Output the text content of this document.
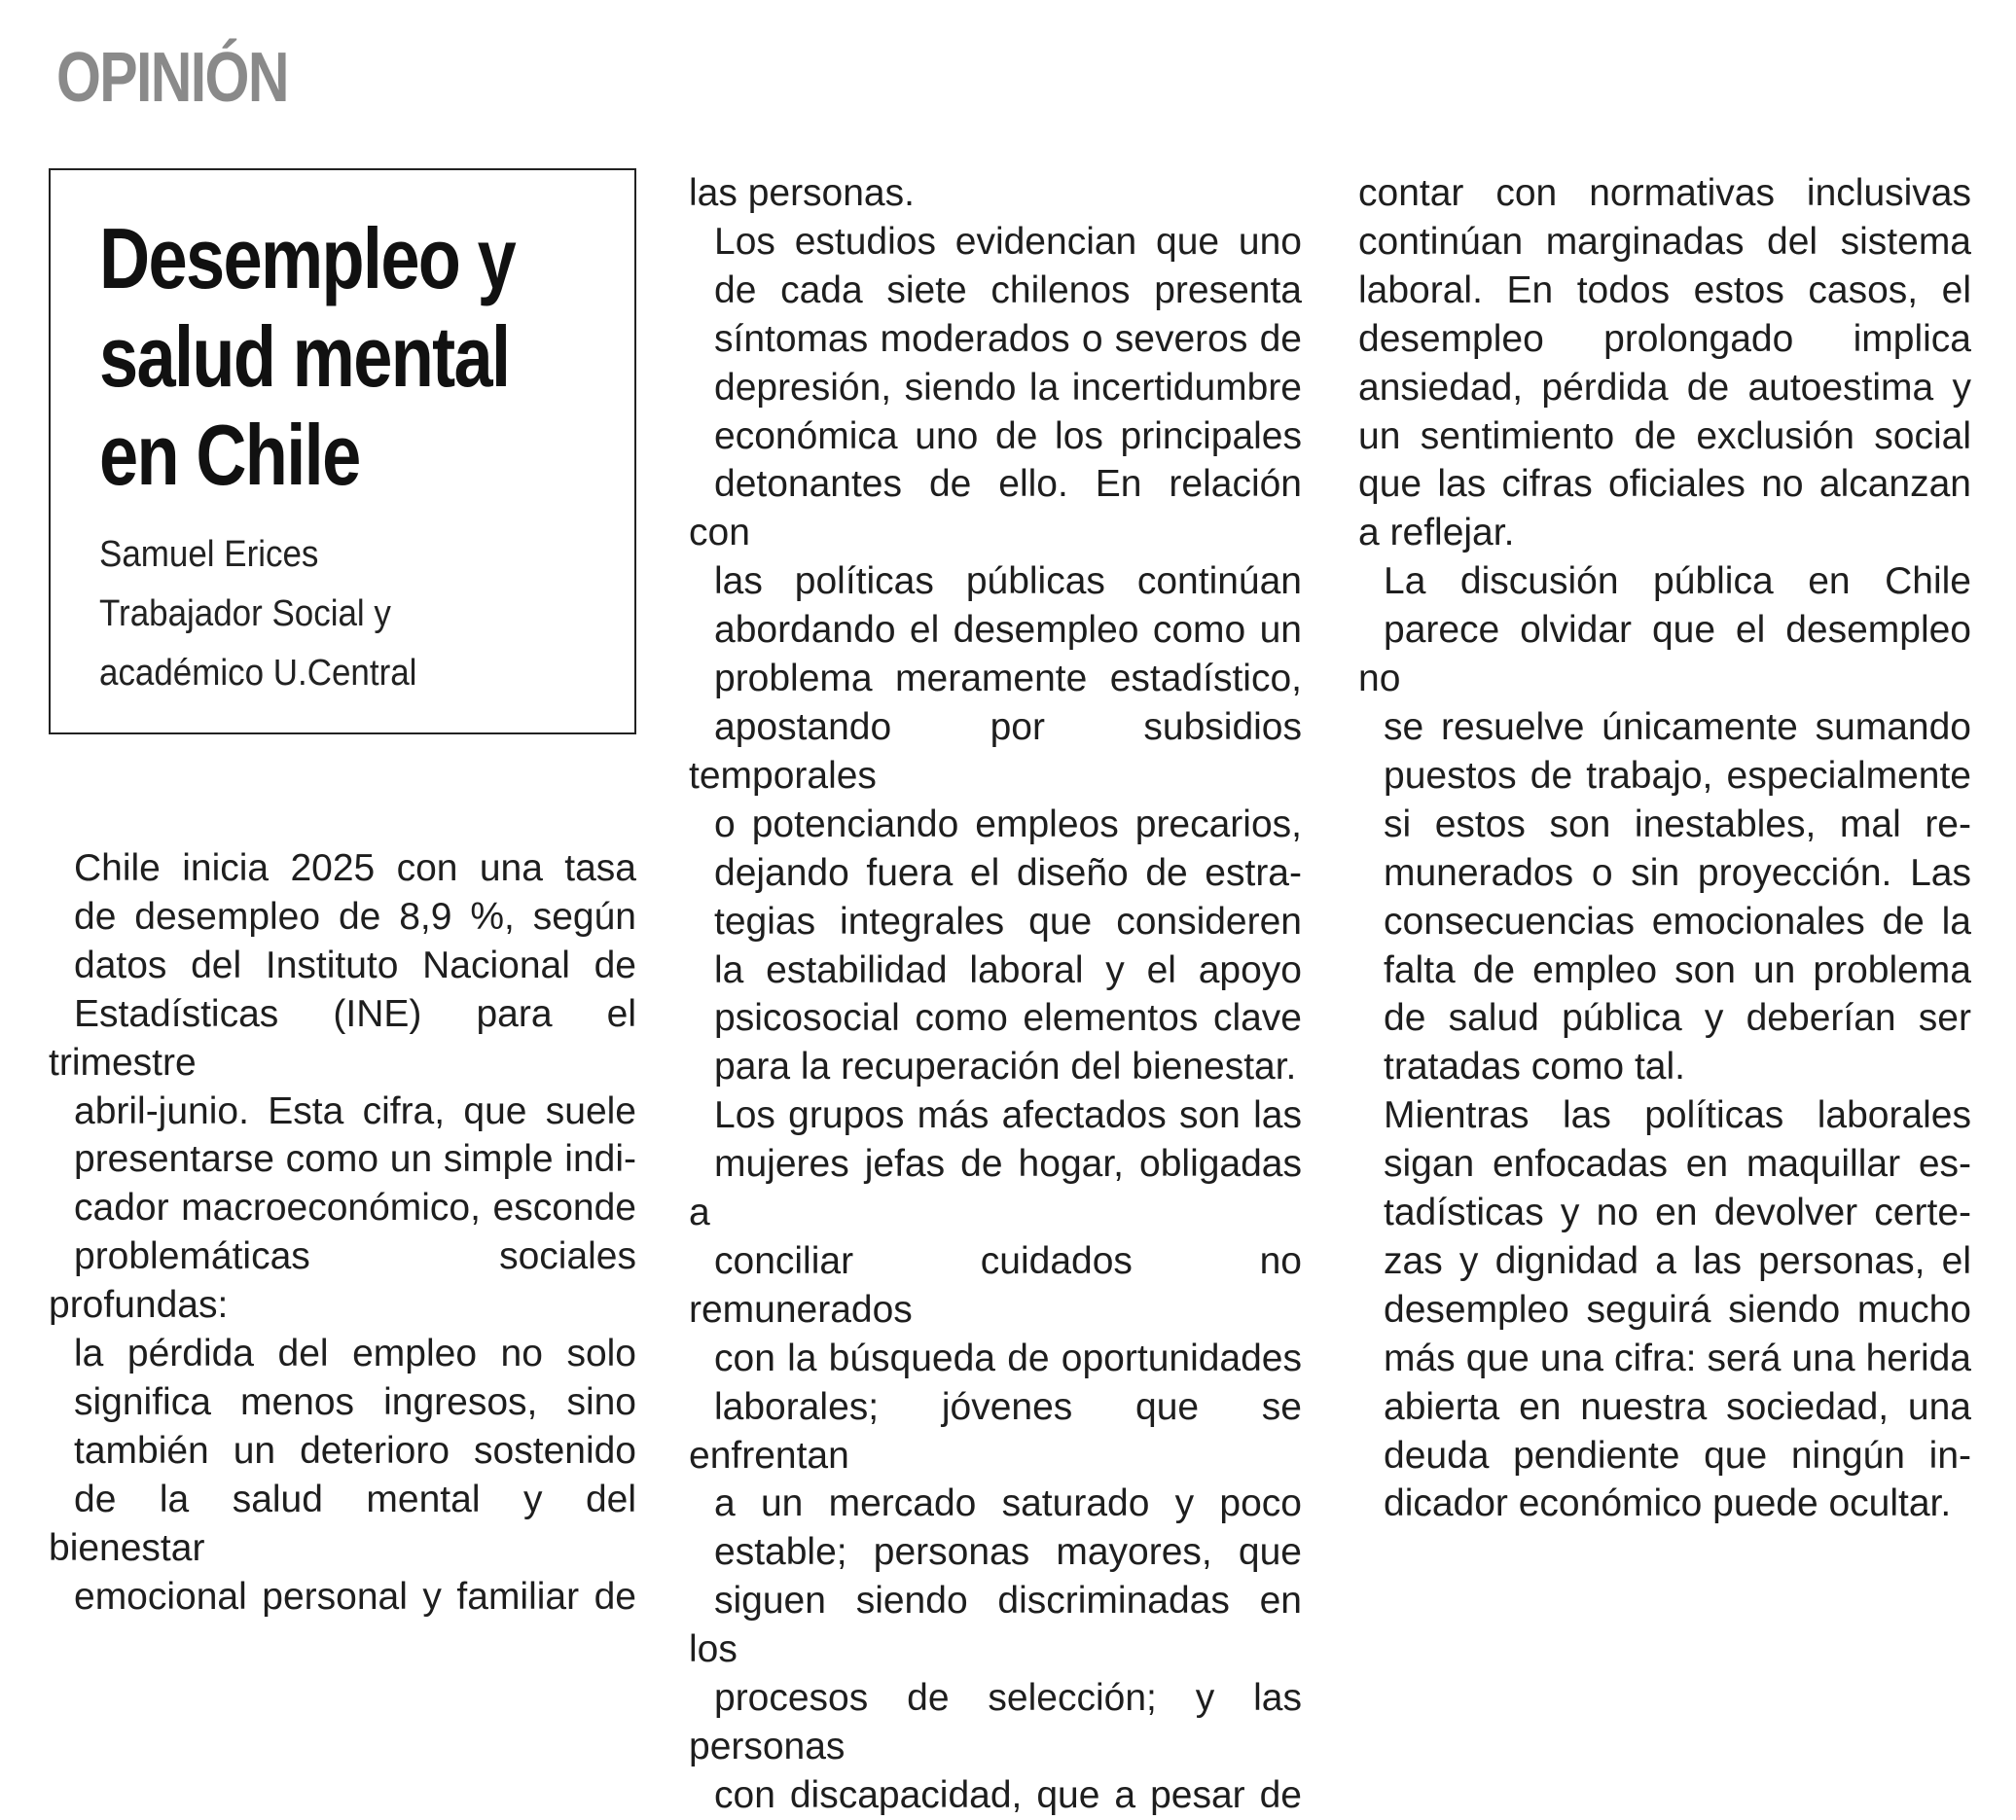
OPINIÓN
Desempleo y
salud mental
en Chile
Samuel Erices
Trabajador Social y
académico U.Central

Chile inicia 2025 con una tasa
de desempleo de 8,9 %, según
datos del Instituto Nacional de
Estadísticas (INE) para el trimestre
abril-junio. Esta cifra, que suele
presentarse como un simple indi-
cador macroeconómico, esconde
problemáticas sociales profundas:
la pérdida del empleo no solo
significa menos ingresos, sino
también un deterioro sostenido
de la salud mental y del bienestar
emocional personal y familiar de

las personas.

Los estudios evidencian que uno
de cada siete chilenos presenta
síntomas moderados o severos de
depresión, siendo la incertidumbre
económica uno de los principales
detonantes de ello. En relación con
las políticas públicas continúan
abordando el desempleo como un
problema meramente estadístico,
apostando por subsidios temporales
o potenciando empleos precarios,
dejando fuera el diseño de estra-
tegias integrales que consideren
la estabilidad laboral y el apoyo
psicosocial como elementos clave
para la recuperación del bienestar.

Los grupos más afectados son las
mujeres jefas de hogar, obligadas a
conciliar cuidados no remunerados
con la búsqueda de oportunidades
laborales; jóvenes que se enfrentan
a un mercado saturado y poco
estable; personas mayores, que
siguen siendo discriminadas en los
procesos de selección; y las personas
con discapacidad, que a pesar de

contar con normativas inclusivas
continúan marginadas del sistema
laboral. En todos estos casos, el
desempleo prolongado implica
ansiedad, pérdida de autoestima y
un sentimiento de exclusión social
que las cifras oficiales no alcanzan
a reflejar.

La discusión pública en Chile
parece olvidar que el desempleo no
se resuelve únicamente sumando
puestos de trabajo, especialmente
si estos son inestables, mal re-
munerados o sin proyección. Las
consecuencias emocionales de la
falta de empleo son un problema
de salud pública y deberían ser
tratadas como tal.

Mientras las políticas laborales
sigan enfocadas en maquillar es-
tadísticas y no en devolver certe-
zas y dignidad a las personas, el
desempleo seguirá siendo mucho
más que una cifra: será una herida
abierta en nuestra sociedad, una
deuda pendiente que ningún in-
dicador económico puede ocultar.
